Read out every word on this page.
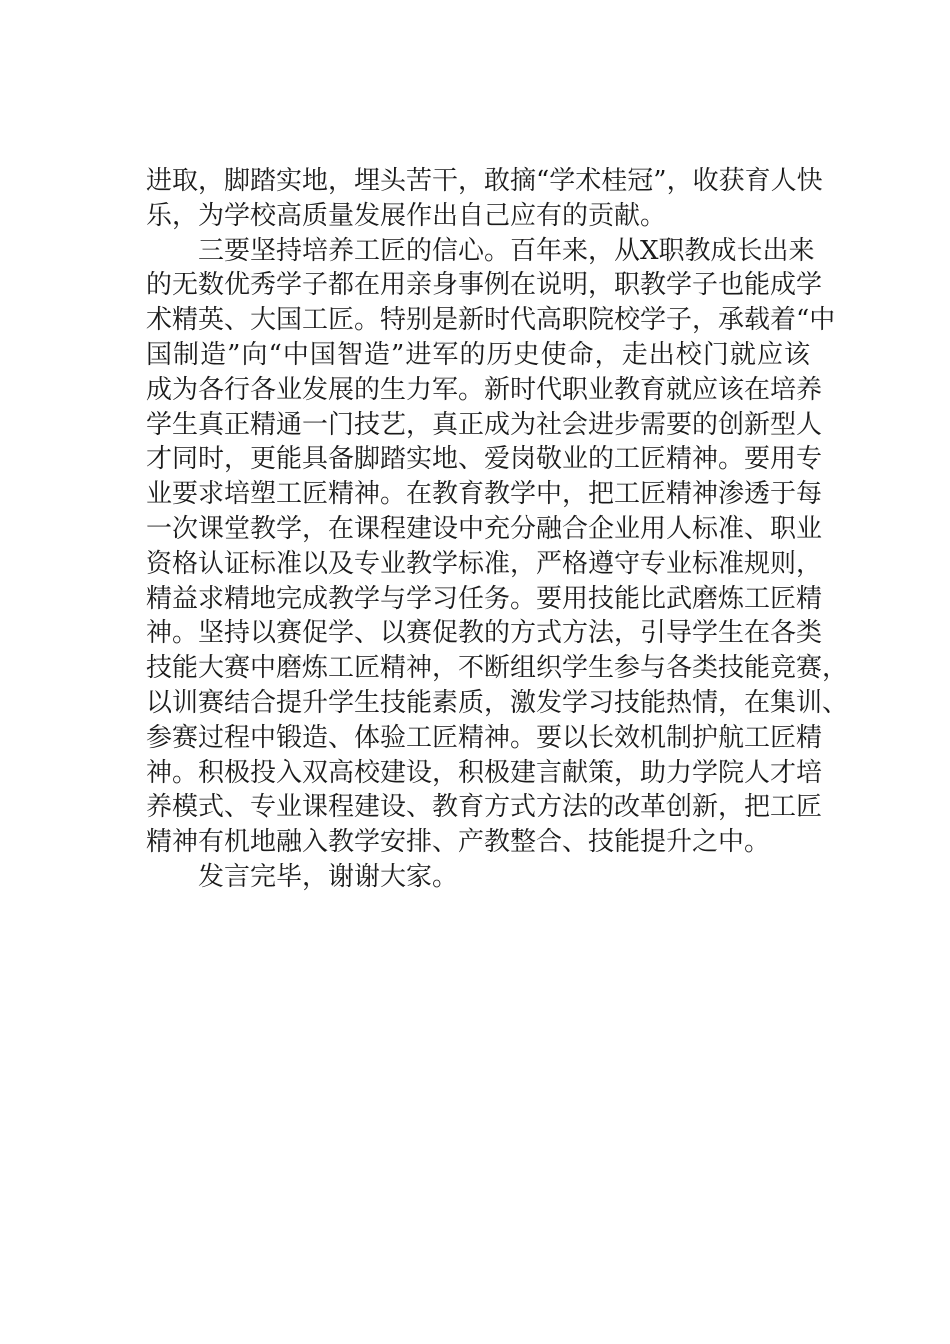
进取，脚踏实地，埋头苦干，敢摘“学术桂冠”，收获育人快
乐，为学校高质量发展作出自己应有的贡献。
三要坚持培养工匠的信心。百年来，从X职教成长出来
的无数优秀学子都在用亲身事例在说明，职教学子也能成学
术精英、大国工匠。特别是新时代高职院校学子，承载着“中
国制造”向“中国智造”进军的历史使命，走出校门就应该
成为各行各业发展的生力军。新时代职业教育就应该在培养
学生真正精通一门技艺，真正成为社会进步需要的创新型人
才同时，更能具备脚踏实地、爱岗敬业的工匠精神。要用专
业要求培塑工匠精神。在教育教学中，把工匠精神渗透于每
一次课堂教学，在课程建设中充分融合企业用人标准、职业
资格认证标准以及专业教学标准，严格遵守专业标准规则，
精益求精地完成教学与学习任务。要用技能比武磨炼工匠精
神。坚持以赛促学、以赛促教的方式方法，引导学生在各类
技能大赛中磨炼工匠精神，不断组织学生参与各类技能竞赛，
以训赛结合提升学生技能素质，激发学习技能热情，在集训、
参赛过程中锻造、体验工匠精神。要以长效机制护航工匠精
神。积极投入双高校建设，积极建言献策，助力学院人才培
养模式、专业课程建设、教育方式方法的改革创新，把工匠
精神有机地融入教学安排、产教整合、技能提升之中。
发言完毕，谢谢大家。
